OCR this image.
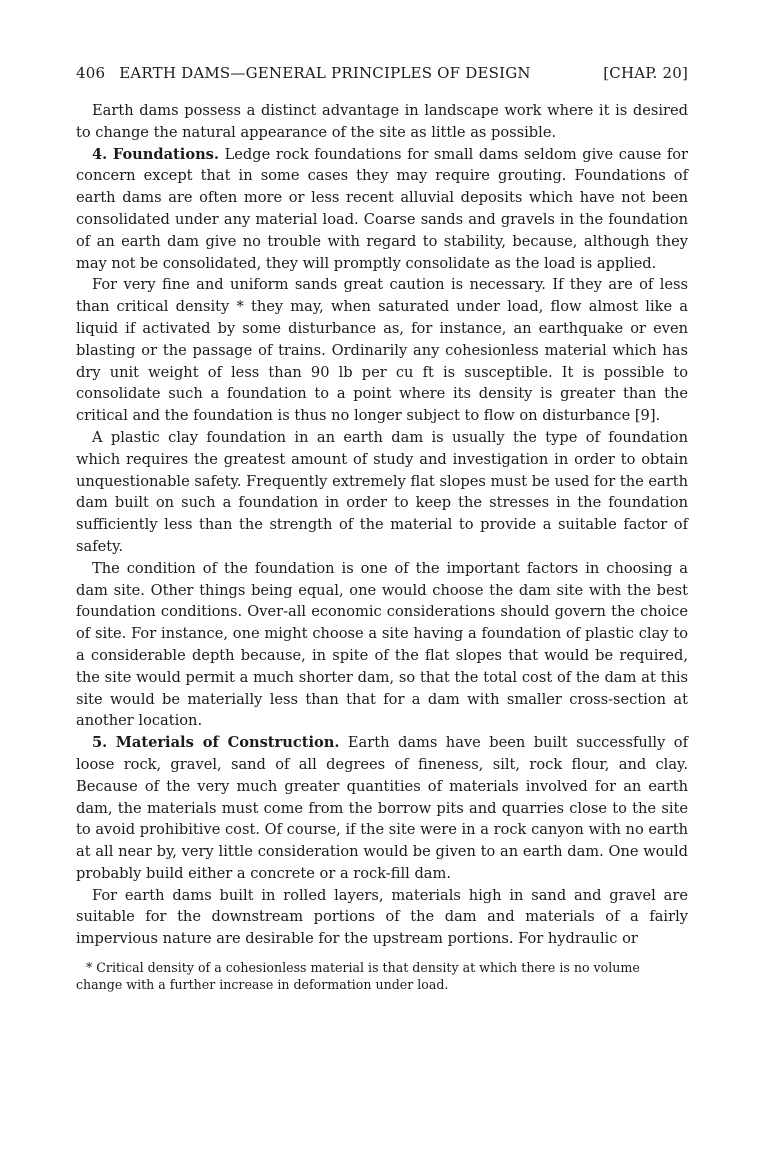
406 EARTH DAMS—GENERAL PRINCIPLES OF DESIGN	[CHAP. 20]

Earth dams possess a distinct advantage in landscape work where it is desired to change the natural appearance of the site as little as possible.

4. Foundations. Ledge rock foundations for small dams seldom give cause for concern except that in some cases they may require grouting. Foundations of earth dams are often more or less recent alluvial deposits which have not been consolidated under any material load. Coarse sands and gravels in the foundation of an earth dam give no trouble with regard to stability, because, although they may not be consolidated, they will promptly consolidate as the load is applied.

For very fine and uniform sands great caution is necessary. If they are of less than critical density * they may, when saturated under load, flow almost like a liquid if activated by some disturbance as, for instance, an earthquake or even blasting or the passage of trains. Ordinarily any cohesionless material which has dry unit weight of less than 90 lb per cu ft is susceptible. It is possible to consolidate such a foundation to a point where its density is greater than the critical and the foundation is thus no longer subject to flow on disturbance [9].

A plastic clay foundation in an earth dam is usually the type of foundation which requires the greatest amount of study and investigation in order to obtain unquestionable safety. Frequently extremely flat slopes must be used for the earth dam built on such a foundation in order to keep the stresses in the foundation sufficiently less than the strength of the material to provide a suitable factor of safety.

The condition of the foundation is one of the important factors in choosing a dam site. Other things being equal, one would choose the dam site with the best foundation conditions. Over-all economic considerations should govern the choice of site. For instance, one might choose a site having a foundation of plastic clay to a considerable depth because, in spite of the flat slopes that would be required, the site would permit a much shorter dam, so that the total cost of the dam at this site would be materially less than that for a dam with smaller cross-section at another location.

5. Materials of Construction. Earth dams have been built successfully of loose rock, gravel, sand of all degrees of fineness, silt, rock flour, and clay. Because of the very much greater quantities of materials involved for an earth dam, the materials must come from the borrow pits and quarries close to the site to avoid prohibitive cost. Of course, if the site were in a rock canyon with no earth at all near by, very little consideration would be given to an earth dam. One would probably build either a concrete or a rock-fill dam.

For earth dams built in rolled layers, materials high in sand and gravel are suitable for the downstream portions of the dam and materials of a fairly impervious nature are desirable for the upstream portions. For hydraulic or

* Critical density of a cohesionless material is that density at which there is no volume change with a further increase in deformation under load.
